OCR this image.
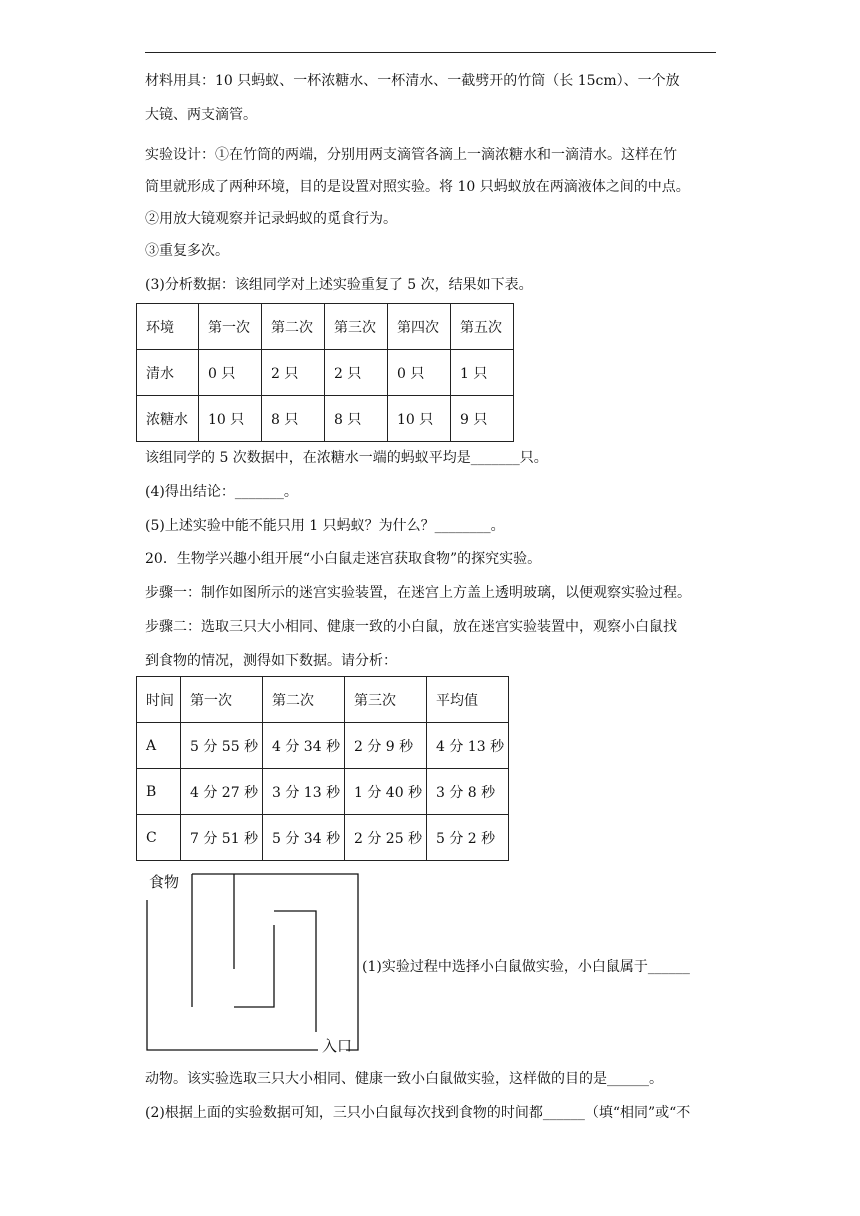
材料用具：10 只蚂蚁、一杯浓糖水、一杯清水、一截劈开的竹筒（长 15cm）、一个放
大镜、两支滴管。
实验设计：①在竹筒的两端，分别用两支滴管各滴上一滴浓糖水和一滴清水。这样在竹
筒里就形成了两种环境，目的是设置对照实验。将 10 只蚂蚁放在两滴液体之间的中点。
②用放大镜观察并记录蚂蚁的觅食行为。
③重复多次。
(3)分析数据：该组同学对上述实验重复了 5 次，结果如下表。
环境	第一次	第二次	第三次	第四次	第五次
清水	0 只	2 只	2 只	0 只	1 只
浓糖水	10 只	8 只	8 只	10 只	9 只
该组同学的 5 次数据中，在浓糖水一端的蚂蚁平均是_______只。
(4)得出结论：_______。
(5)上述实验中能不能只用 1 只蚂蚁？为什么？________。
20．生物学兴趣小组开展“小白鼠走迷宫获取食物”的探究实验。
步骤一：制作如图所示的迷宫实验装置，在迷宫上方盖上透明玻璃，以便观察实验过程。
步骤二：选取三只大小相同、健康一致的小白鼠，放在迷宫实验装置中，观察小白鼠找
到食物的情况，测得如下数据。请分析：
时间	第一次	第二次	第三次	平均值
A	5 分 55 秒	4 分 34 秒	2 分 9 秒	4 分 13 秒
B	4 分 27 秒	3 分 13 秒	1 分 40 秒	3 分 8 秒
C	7 分 51 秒	5 分 34 秒	2 分 25 秒	5 分 2 秒
食物
入口
(1)实验过程中选择小白鼠做实验，小白鼠属于______
动物。该实验选取三只大小相同、健康一致小白鼠做实验，这样做的目的是______。
(2)根据上面的实验数据可知，三只小白鼠每次找到食物的时间都______（填“相同”或“不
